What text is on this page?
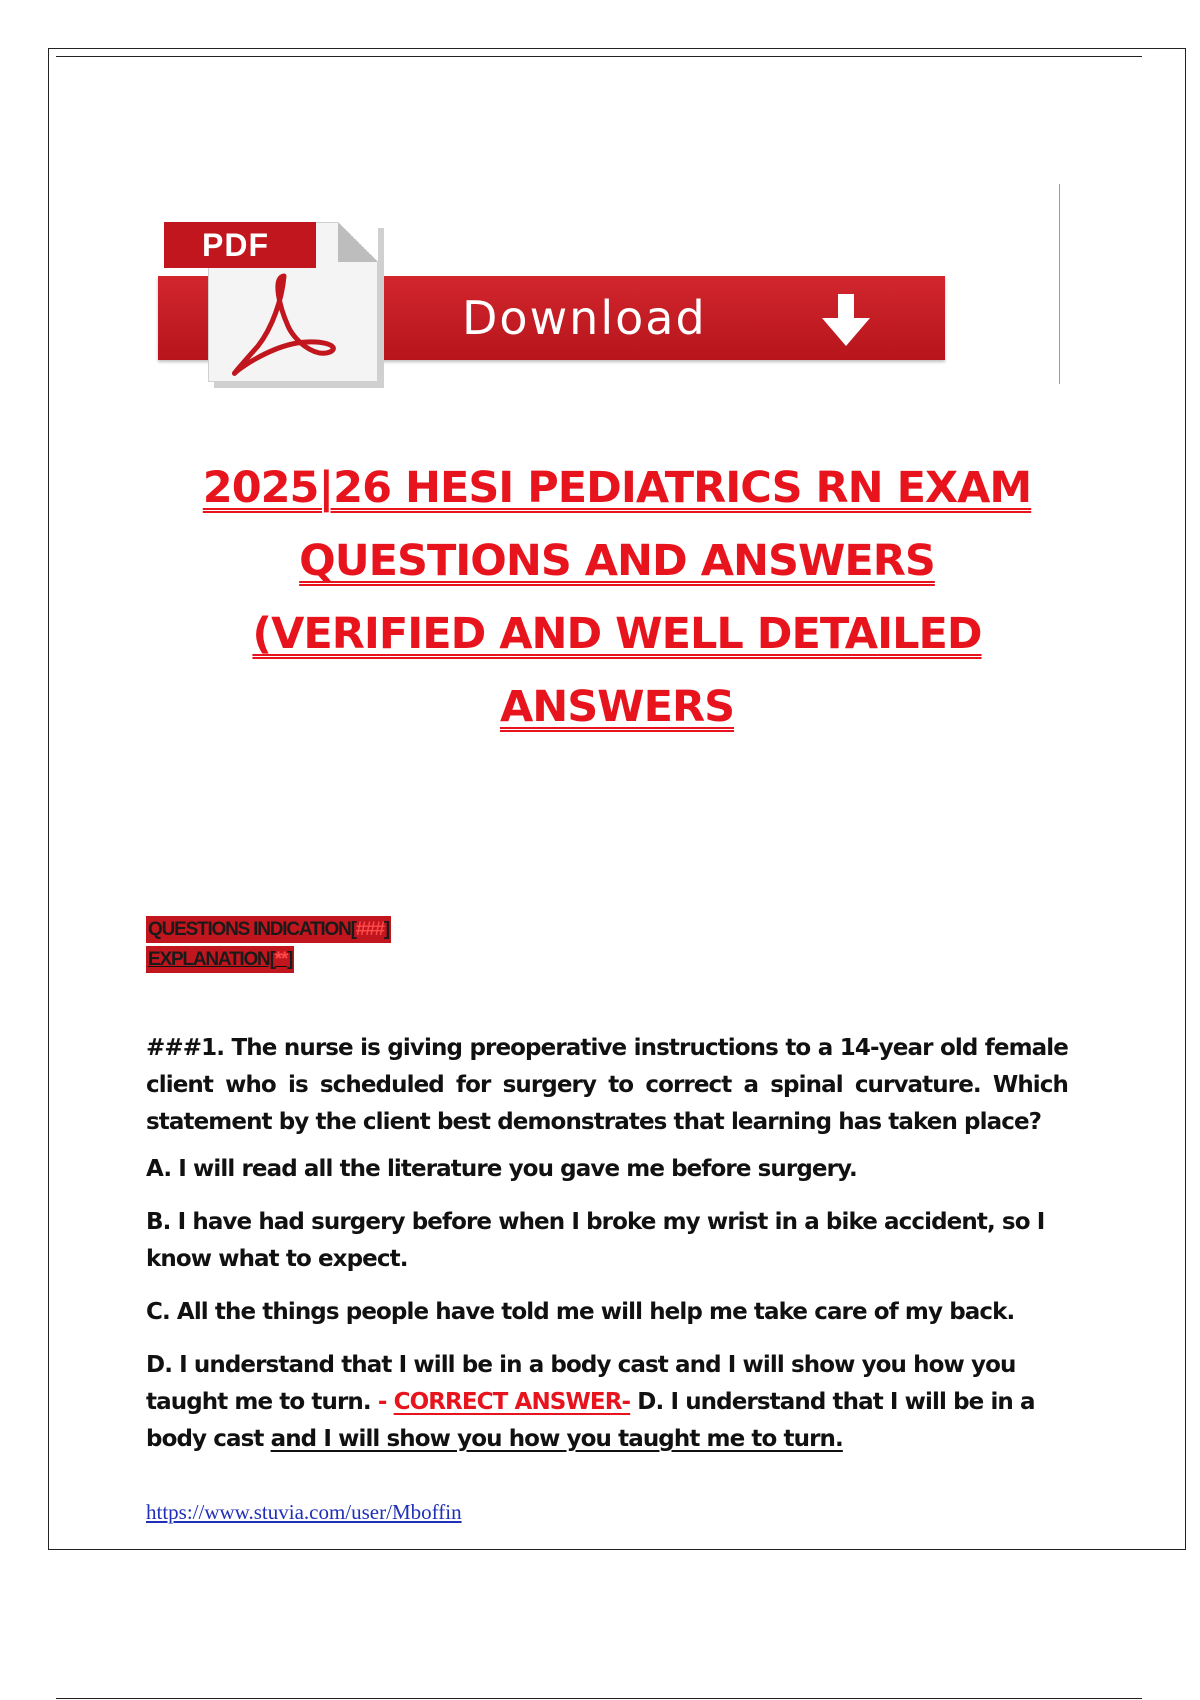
PDF
Download
2025|26 HESI PEDIATRICS RN EXAM
QUESTIONS AND ANSWERS
(VERIFIED AND WELL DETAILED
ANSWERS
QUESTIONS INDICATION[###]
EXPLANATION[**]

###1. The nurse is giving preoperative instructions to a 14-year old female client who is scheduled for surgery to correct a spinal curvature. Which statement by the client best demonstrates that learning has taken place?

A. I will read all the literature you gave me before surgery.

B. I have had surgery before when I broke my wrist in a bike accident, so I know what to expect.

C. All the things people have told me will help me take care of my back.

D. I understand that I will be in a body cast and I will show you how you taught me to turn. - CORRECT ANSWER- D. I understand that I will be in a body cast and I will show you how you taught me to turn.

https://www.stuvia.com/user/Mboffin
